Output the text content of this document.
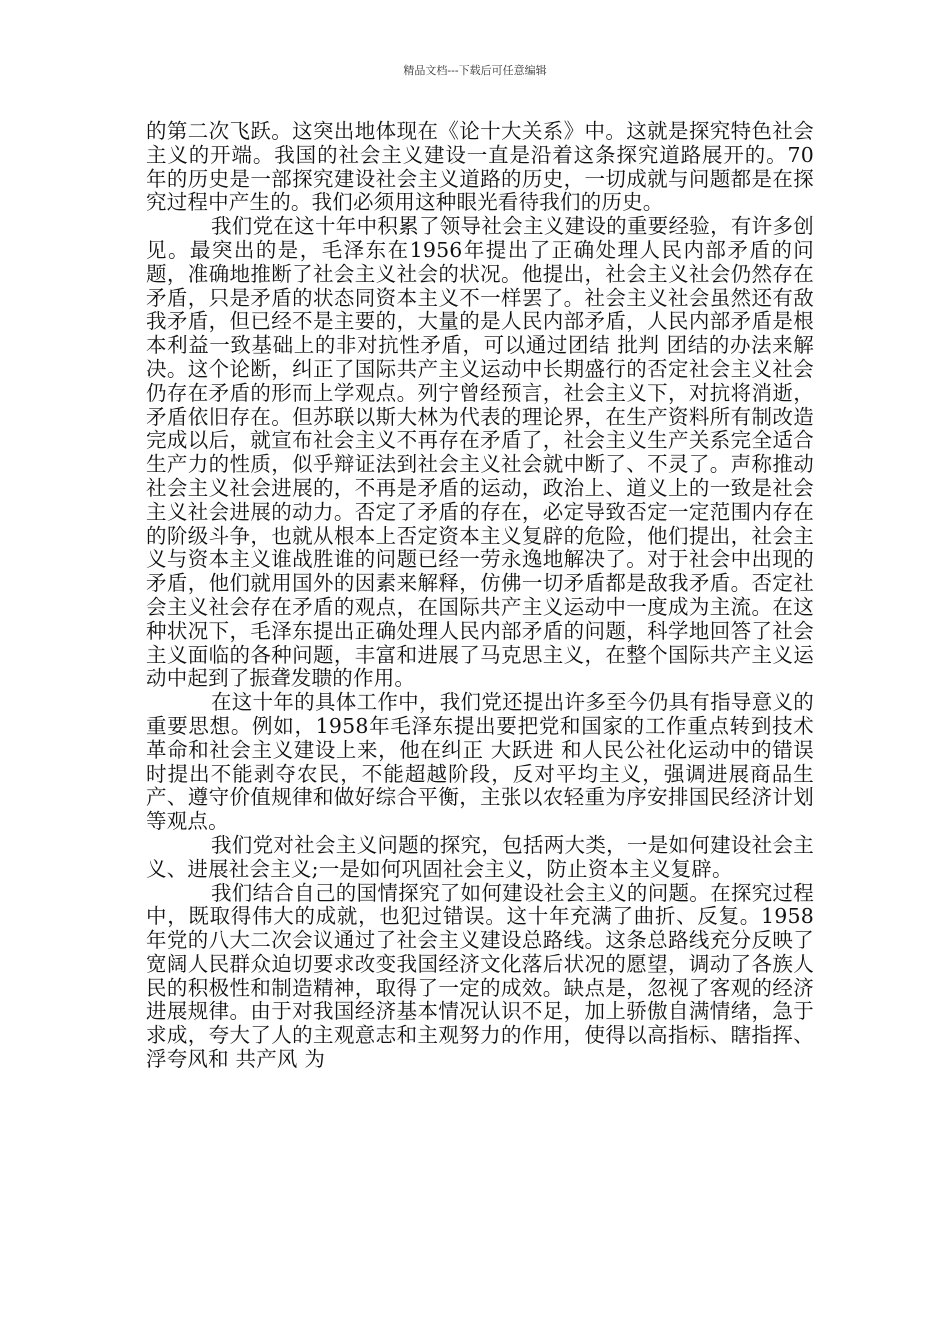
精品文档---下载后可任意编辑

的第二次飞跃。这突出地体现在《论十大关系》中。这就是探究特色社会主义的开端。我国的社会主义建设一直是沿着这条探究道路展开的。70年的历史是一部探究建设社会主义道路的历史，一切成就与问题都是在探究过程中产生的。我们必须用这种眼光看待我们的历史。

我们党在这十年中积累了领导社会主义建设的重要经验，有许多创见。最突出的是，毛泽东在1956年提出了正确处理人民内部矛盾的问题，准确地推断了社会主义社会的状况。他提出，社会主义社会仍然存在矛盾，只是矛盾的状态同资本主义不一样罢了。社会主义社会虽然还有敌我矛盾，但已经不是主要的，大量的是人民内部矛盾，人民内部矛盾是根本利益一致基础上的非对抗性矛盾，可以通过团结 批判 团结的办法来解决。这个论断，纠正了国际共产主义运动中长期盛行的否定社会主义社会仍存在矛盾的形而上学观点。列宁曾经预言，社会主义下，对抗将消逝，矛盾依旧存在。但苏联以斯大林为代表的理论界，在生产资料所有制改造完成以后，就宣布社会主义不再存在矛盾了，社会主义生产关系完全适合生产力的性质，似乎辩证法到社会主义社会就中断了、不灵了。声称推动社会主义社会进展的，不再是矛盾的运动，政治上、道义上的一致是社会主义社会进展的动力。否定了矛盾的存在，必定导致否定一定范围内存在的阶级斗争，也就从根本上否定资本主义复辟的危险，他们提出，社会主义与资本主义谁战胜谁的问题已经一劳永逸地解决了。对于社会中出现的矛盾，他们就用国外的因素来解释，仿佛一切矛盾都是敌我矛盾。否定社会主义社会存在矛盾的观点，在国际共产主义运动中一度成为主流。在这种状况下，毛泽东提出正确处理人民内部矛盾的问题，科学地回答了社会主义面临的各种问题，丰富和进展了马克思主义，在整个国际共产主义运动中起到了振聋发聩的作用。

在这十年的具体工作中，我们党还提出许多至今仍具有指导意义的重要思想。例如，1958年毛泽东提出要把党和国家的工作重点转到技术革命和社会主义建设上来，他在纠正 大跃进 和人民公社化运动中的错误时提出不能剥夺农民，不能超越阶段，反对平均主义，强调进展商品生产、遵守价值规律和做好综合平衡，主张以农轻重为序安排国民经济计划等观点。

我们党对社会主义问题的探究，包括两大类，一是如何建设社会主义、进展社会主义;一是如何巩固社会主义，防止资本主义复辟。

我们结合自己的国情探究了如何建设社会主义的问题。在探究过程中，既取得伟大的成就，也犯过错误。这十年充满了曲折、反复。1958年党的八大二次会议通过了社会主义建设总路线。这条总路线充分反映了宽阔人民群众迫切要求改变我国经济文化落后状况的愿望，调动了各族人民的积极性和制造精神，取得了一定的成效。缺点是，忽视了客观的经济进展规律。由于对我国经济基本情况认识不足，加上骄傲自满情绪，急于求成，夸大了人的主观意志和主观努力的作用，使得以高指标、瞎指挥、浮夸风和 共产风 为
